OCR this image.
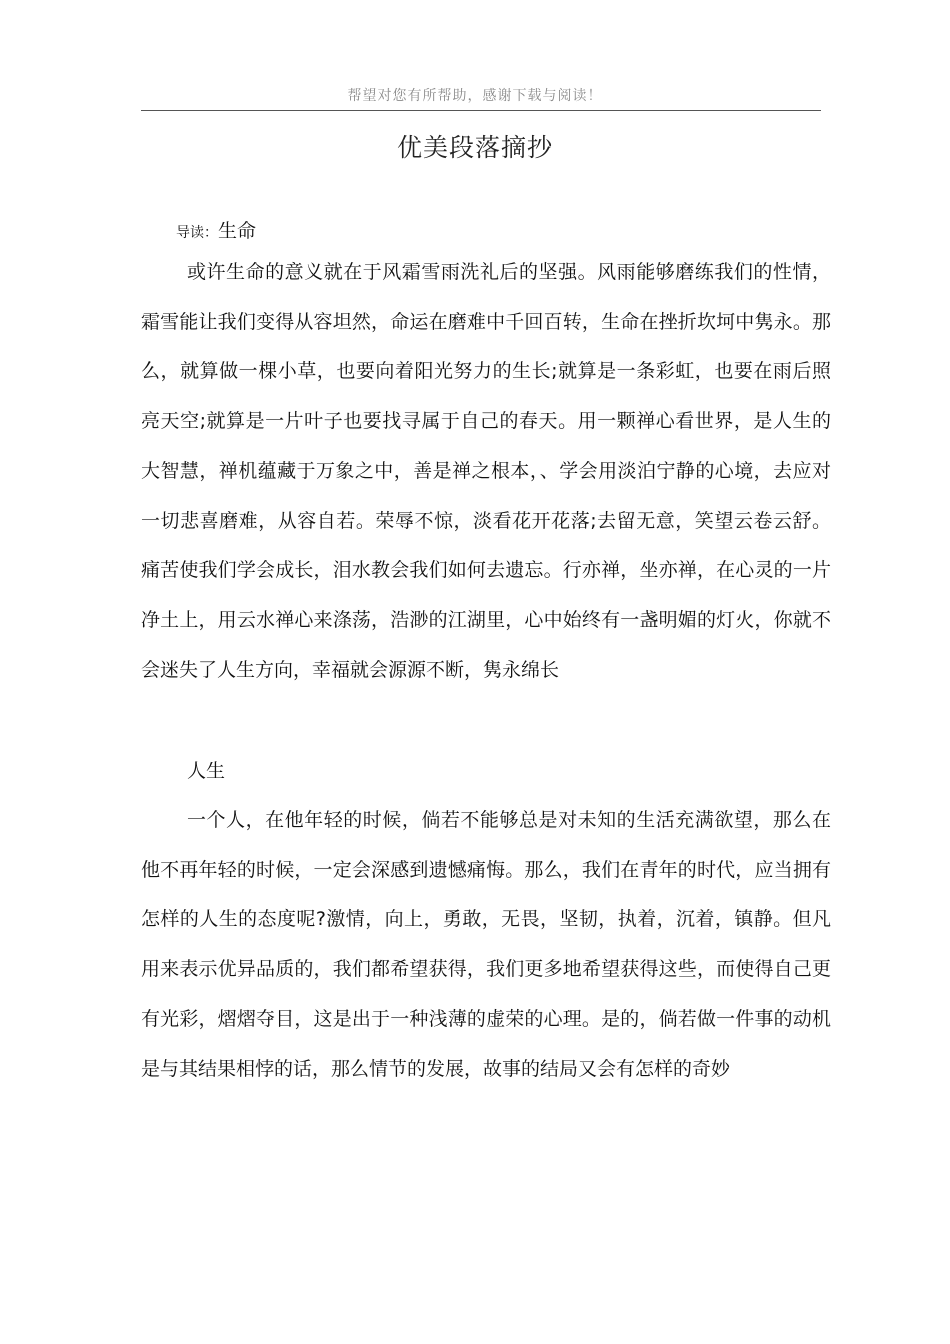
帮望对您有所帮助，感谢下载与阅读！
优美段落摘抄
导读：生命

或许生命的意义就在于风霜雪雨洗礼后的坚强。风雨能够磨练我们的性情，霜雪能让我们变得从容坦然，命运在磨难中千回百转，生命在挫折坎坷中隽永。那么，就算做一棵小草，也要向着阳光努力的生长;就算是一条彩虹，也要在雨后照亮天空;就算是一片叶子也要找寻属于自己的春天。用一颗禅心看世界，是人生的大智慧，禅机蕴藏于万象之中，善是禅之根本，、学会用淡泊宁静的心境，去应对一切悲喜磨难，从容自若。荣辱不惊，淡看花开花落;去留无意，笑望云卷云舒。痛苦使我们学会成长，泪水教会我们如何去遗忘。行亦禅，坐亦禅，在心灵的一片净土上，用云水禅心来涤荡，浩渺的江湖里，心中始终有一盏明媚的灯火，你就不会迷失了人生方向，幸福就会源源不断，隽永绵长

人生

一个人，在他年轻的时候，倘若不能够总是对未知的生活充满欲望，那么在他不再年轻的时候，一定会深感到遗憾痛悔。那么，我们在青年的时代，应当拥有怎样的人生的态度呢?激情，向上，勇敢，无畏，坚韧，执着，沉着，镇静。但凡用来表示优异品质的，我们都希望获得，我们更多地希望获得这些，而使得自己更有光彩，熠熠夺目，这是出于一种浅薄的虚荣的心理。是的，倘若做一件事的动机是与其结果相悖的话，那么情节的发展，故事的结局又会有怎样的奇妙
